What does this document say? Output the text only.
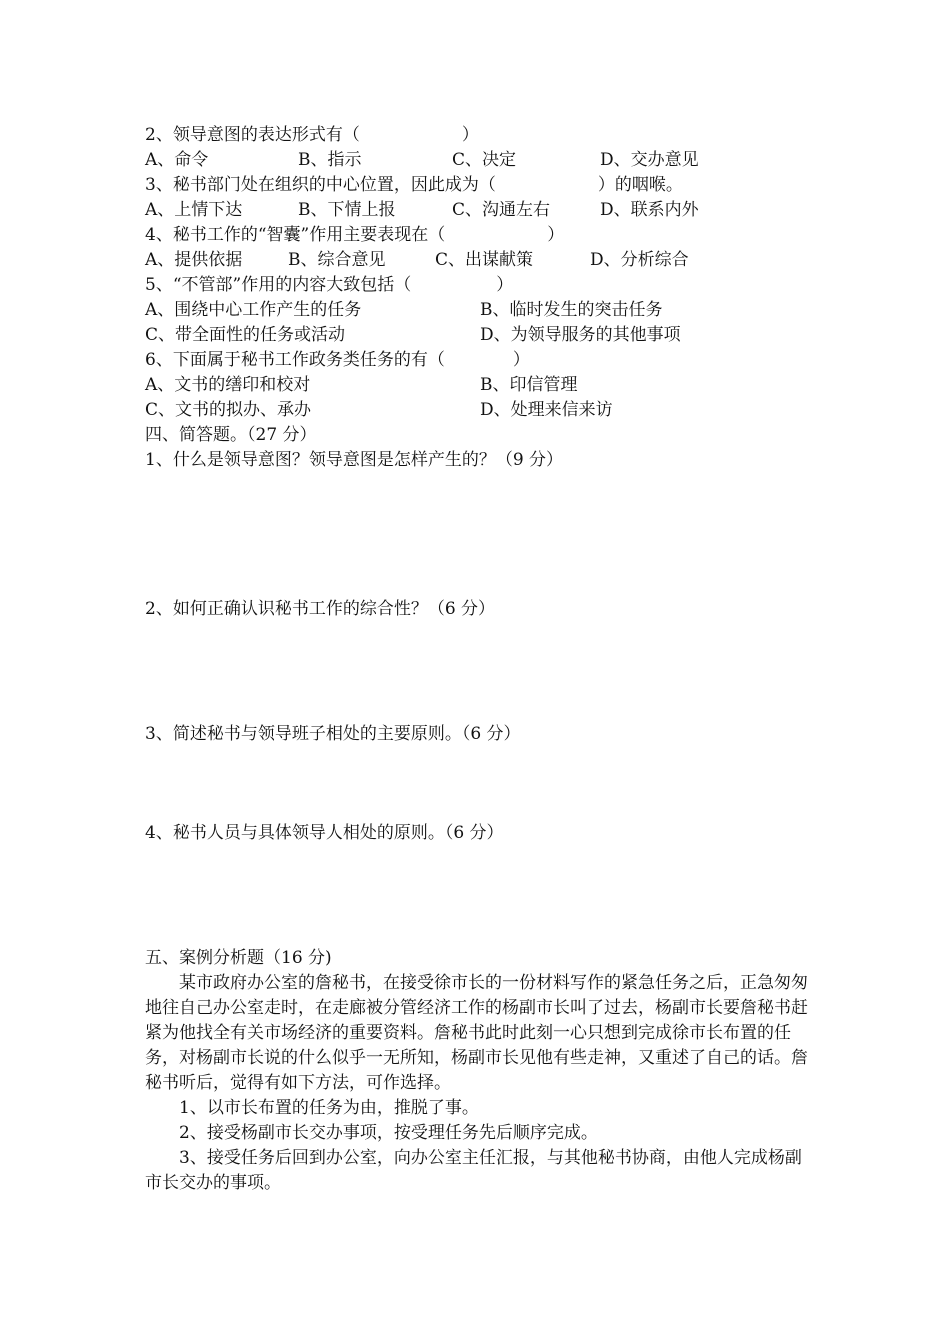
2、领导意图的表达形式有（　　　　　　）
A、命令	B、指示	C、决定	D、交办意见
3、秘书部门处在组织的中心位置，因此成为（　　　　　　）的咽喉。
A、上情下达	B、下情上报	C、沟通左右	D、联系内外
4、秘书工作的“智囊”作用主要表现在（　　　　　　）
A、提供依据	B、综合意见	C、出谋献策	D、分析综合
5、“不管部”作用的内容大致包括（　　　　　）
A、围绕中心工作产生的任务	B、临时发生的突击任务
C、带全面性的任务或活动	D、为领导服务的其他事项
6、下面属于秘书工作政务类任务的有（　　　　）
A、文书的缮印和校对	B、印信管理
C、文书的拟办、承办	D、处理来信来访
四、简答题。（27 分）
1、什么是领导意图？领导意图是怎样产生的？（9 分）
2、如何正确认识秘书工作的综合性？（6 分）
3、简述秘书与领导班子相处的主要原则。（6 分）
4、秘书人员与具体领导人相处的原则。（6 分）
五、案例分析题（16 分)
某市政府办公室的詹秘书，在接受徐市长的一份材料写作的紧急任务之后，正急匆匆地往自己办公室走时，在走廊被分管经济工作的杨副市长叫了过去，杨副市长要詹秘书赶紧为他找全有关市场经济的重要资料。詹秘书此时此刻一心只想到完成徐市长布置的任务，对杨副市长说的什么似乎一无所知，杨副市长见他有些走神，又重述了自己的话。詹秘书听后，觉得有如下方法，可作选择。
1、以市长布置的任务为由，推脱了事。
2、接受杨副市长交办事项，按受理任务先后顺序完成。
3、接受任务后回到办公室，向办公室主任汇报，与其他秘书协商，由他人完成杨副市长交办的事项。
